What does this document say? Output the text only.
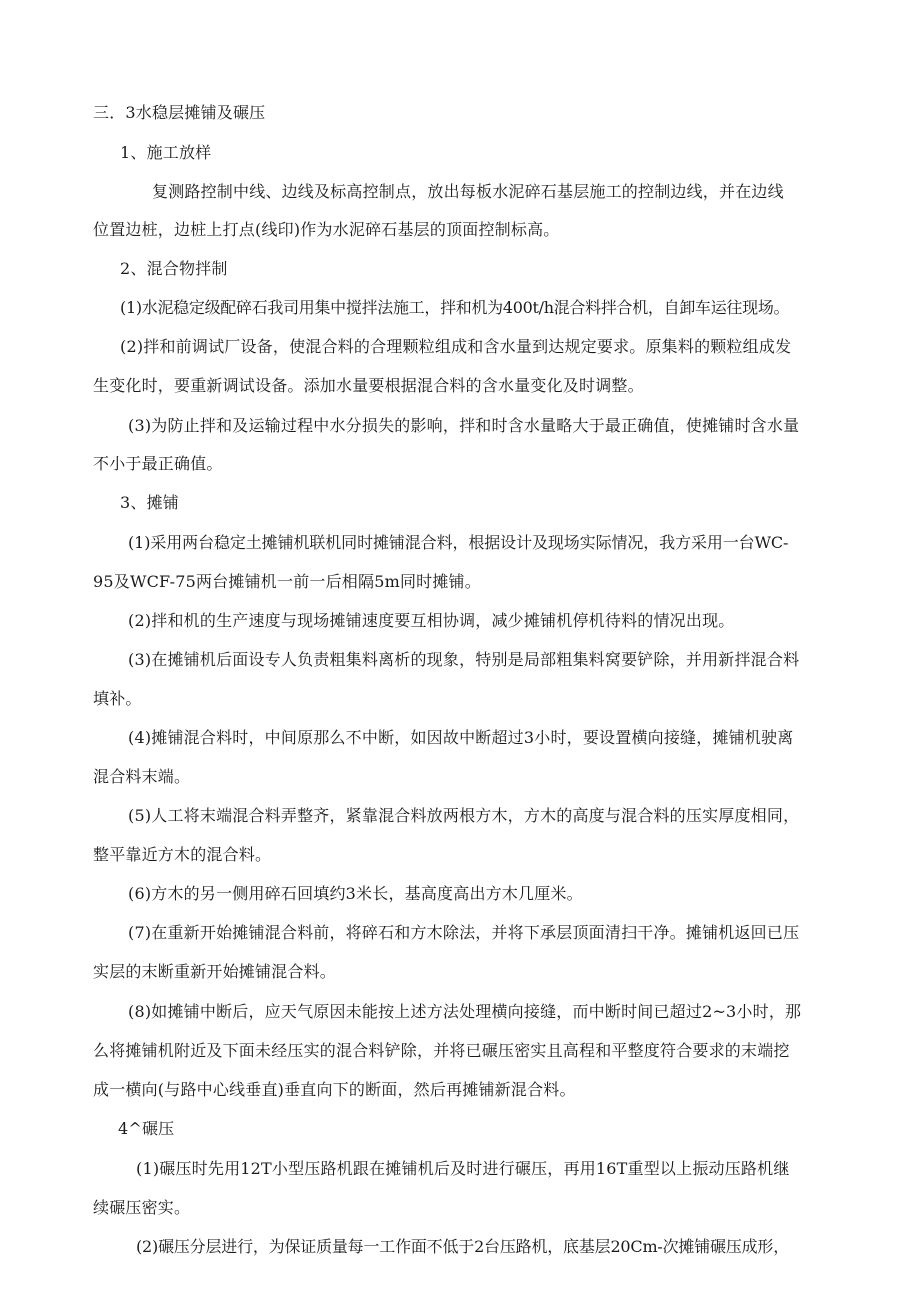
三．3水稳层摊铺及碾压
1、施工放样
复测路控制中线、边线及标高控制点，放出每板水泥碎石基层施工的控制边线，并在边线
位置边桩，边桩上打点(线印)作为水泥碎石基层的顶面控制标高。
2、混合物拌制
(1)水泥稳定级配碎石我司用集中搅拌法施工，拌和机为400t/h混合料拌合机，自卸车运往现场。
(2)拌和前调试厂设备，使混合料的合理颗粒组成和含水量到达规定要求。原集料的颗粒组成发
生变化时，要重新调试设备。添加水量要根据混合料的含水量变化及时调整。
(3)为防止拌和及运输过程中水分损失的影响，拌和时含水量略大于最正确值，使摊铺时含水量
不小于最正确值。
3、摊铺
(1)采用两台稳定土摊铺机联机同时摊铺混合料，根据设计及现场实际情况，我方采用一台WC-
95及WCF-75两台摊铺机一前一后相隔5m同时摊铺。
(2)拌和机的生产速度与现场摊铺速度要互相协调，减少摊铺机停机待料的情况出现。
(3)在摊铺机后面设专人负责粗集料离析的现象，特别是局部粗集料窝要铲除，并用新拌混合料
填补。
(4)摊铺混合料时，中间原那么不中断，如因故中断超过3小时，要设置横向接缝，摊铺机驶离
混合料末端。
(5)人工将末端混合料弄整齐，紧靠混合料放两根方木，方木的高度与混合料的压实厚度相同，
整平靠近方木的混合料。
(6)方木的另一侧用碎石回填约3米长，基高度高出方木几厘米。
(7)在重新开始摊铺混合料前，将碎石和方木除法，并将下承层顶面清扫干净。摊铺机返回已压
实层的末断重新开始摊铺混合料。
(8)如摊铺中断后，应天气原因未能按上述方法处理横向接缝，而中断时间已超过2~3小时，那
么将摊铺机附近及下面未经压实的混合料铲除，并将已碾压密实且高程和平整度符合要求的末端挖
成一横向(与路中心线垂直)垂直向下的断面，然后再摊铺新混合料。
4^碾压
(1)碾压时先用12T小型压路机跟在摊铺机后及时进行碾压，再用16T重型以上振动压路机继
续碾压密实。
(2)碾压分层进行，为保证质量每一工作面不低于2台压路机，底基层20Cm-次摊铺碾压成形，
